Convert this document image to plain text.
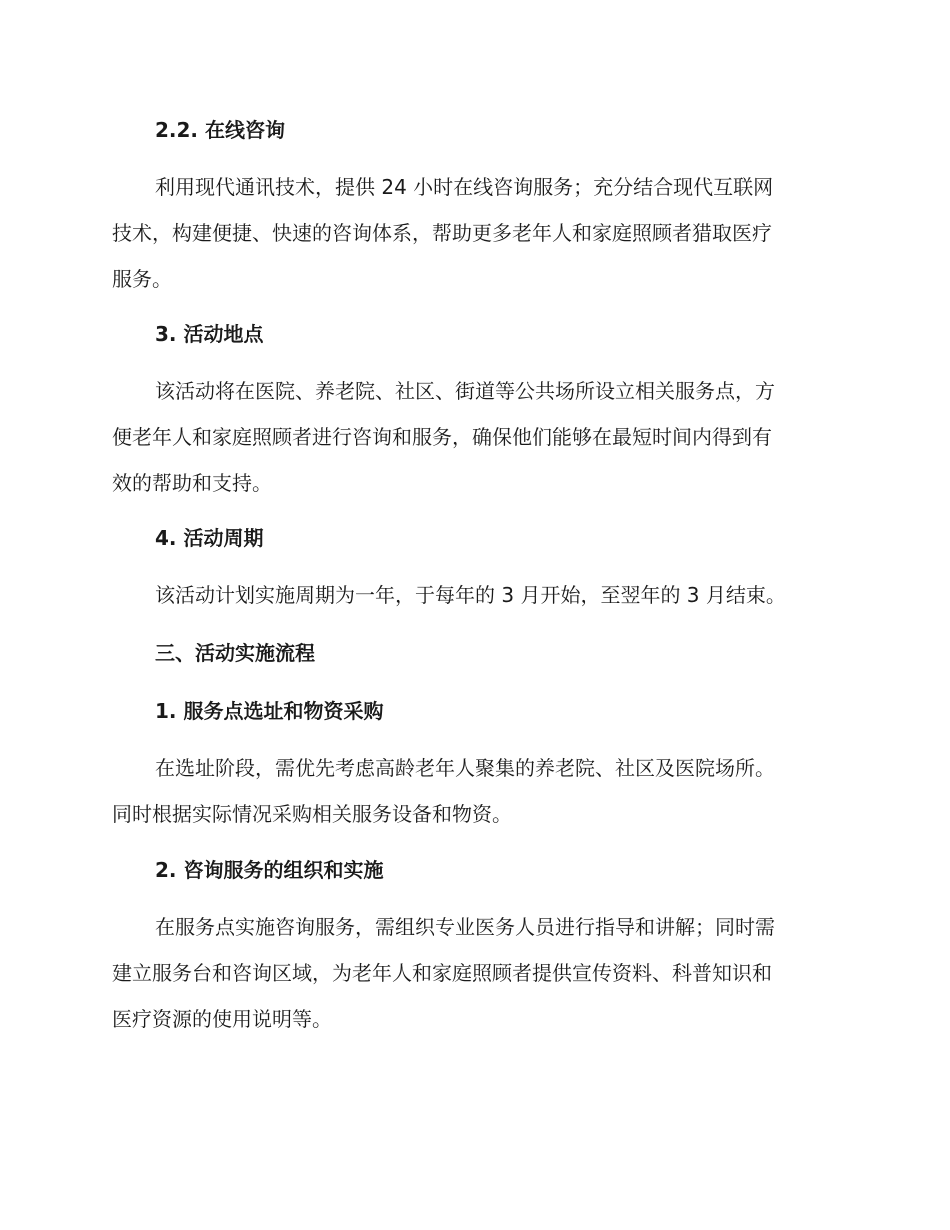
2.2. 在线咨询
利用现代通讯技术，提供 24 小时在线咨询服务；充分结合现代互联网
技术，构建便捷、快速的咨询体系，帮助更多老年人和家庭照顾者猎取医疗
服务。
3. 活动地点
该活动将在医院、养老院、社区、街道等公共场所设立相关服务点，方
便老年人和家庭照顾者进行咨询和服务，确保他们能够在最短时间内得到有
效的帮助和支持。
4. 活动周期
该活动计划实施周期为一年，于每年的 3 月开始，至翌年的 3 月结束。
三、活动实施流程
1. 服务点选址和物资采购
在选址阶段，需优先考虑高龄老年人聚集的养老院、社区及医院场所。
同时根据实际情况采购相关服务设备和物资。
2. 咨询服务的组织和实施
在服务点实施咨询服务，需组织专业医务人员进行指导和讲解；同时需
建立服务台和咨询区域，为老年人和家庭照顾者提供宣传资料、科普知识和
医疗资源的使用说明等。
